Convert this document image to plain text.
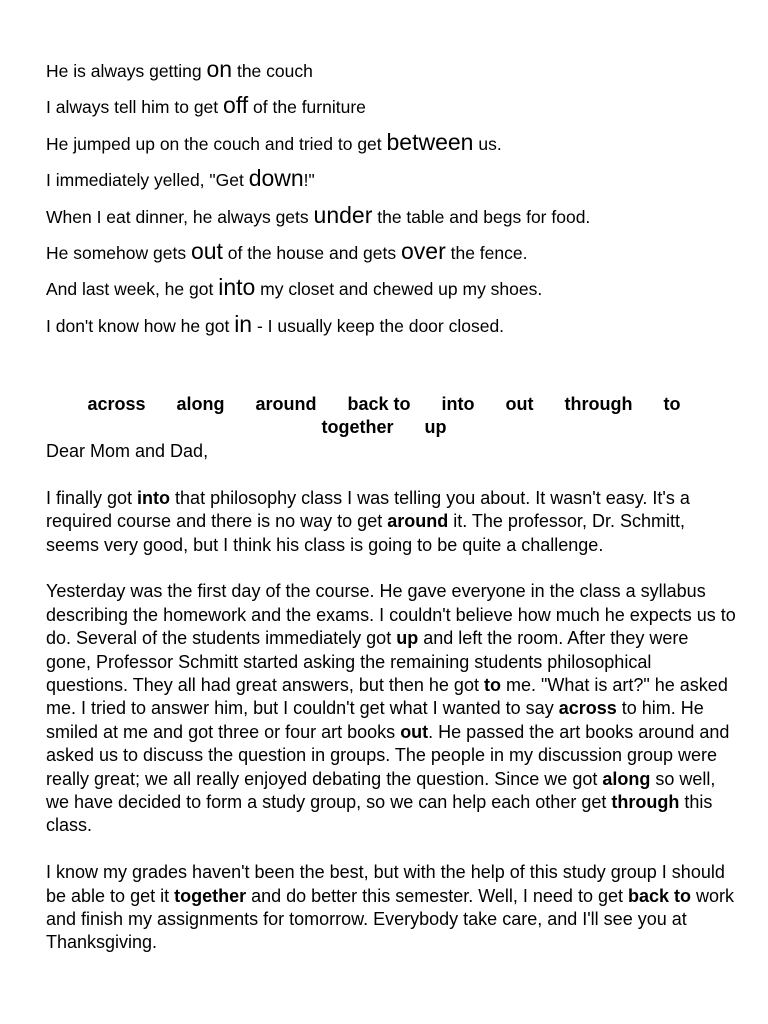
He is always getting on the couch
I always tell him to get off of the furniture
He jumped up on the couch and tried to get between us.
I immediately yelled, "Get down!"
When I eat dinner, he always gets under the table and begs for food.
He somehow gets out of the house and gets over the fence.
And last week, he got into my closet and chewed up my shoes.
I don't know how he got in - I usually keep the door closed.
across along around back to into out through to
together up
Dear Mom and Dad,

I finally got into that philosophy class I was telling you about. It wasn't easy. It's a required course and there is no way to get around it. The professor, Dr. Schmitt, seems very good, but I think his class is going to be quite a challenge.

Yesterday was the first day of the course. He gave everyone in the class a syllabus describing the homework and the exams. I couldn't believe how much he expects us to do. Several of the students immediately got up and left the room. After they were gone, Professor Schmitt started asking the remaining students philosophical questions. They all had great answers, but then he got to me. "What is art?" he asked me. I tried to answer him, but I couldn't get what I wanted to say across to him. He smiled at me and got three or four art books out. He passed the art books around and asked us to discuss the question in groups. The people in my discussion group were really great; we all really enjoyed debating the question. Since we got along so well, we have decided to form a study group, so we can help each other get through this class.

I know my grades haven't been the best, but with the help of this study group I should be able to get it together and do better this semester. Well, I need to get back to work and finish my assignments for tomorrow. Everybody take care, and I'll see you at Thanksgiving.
